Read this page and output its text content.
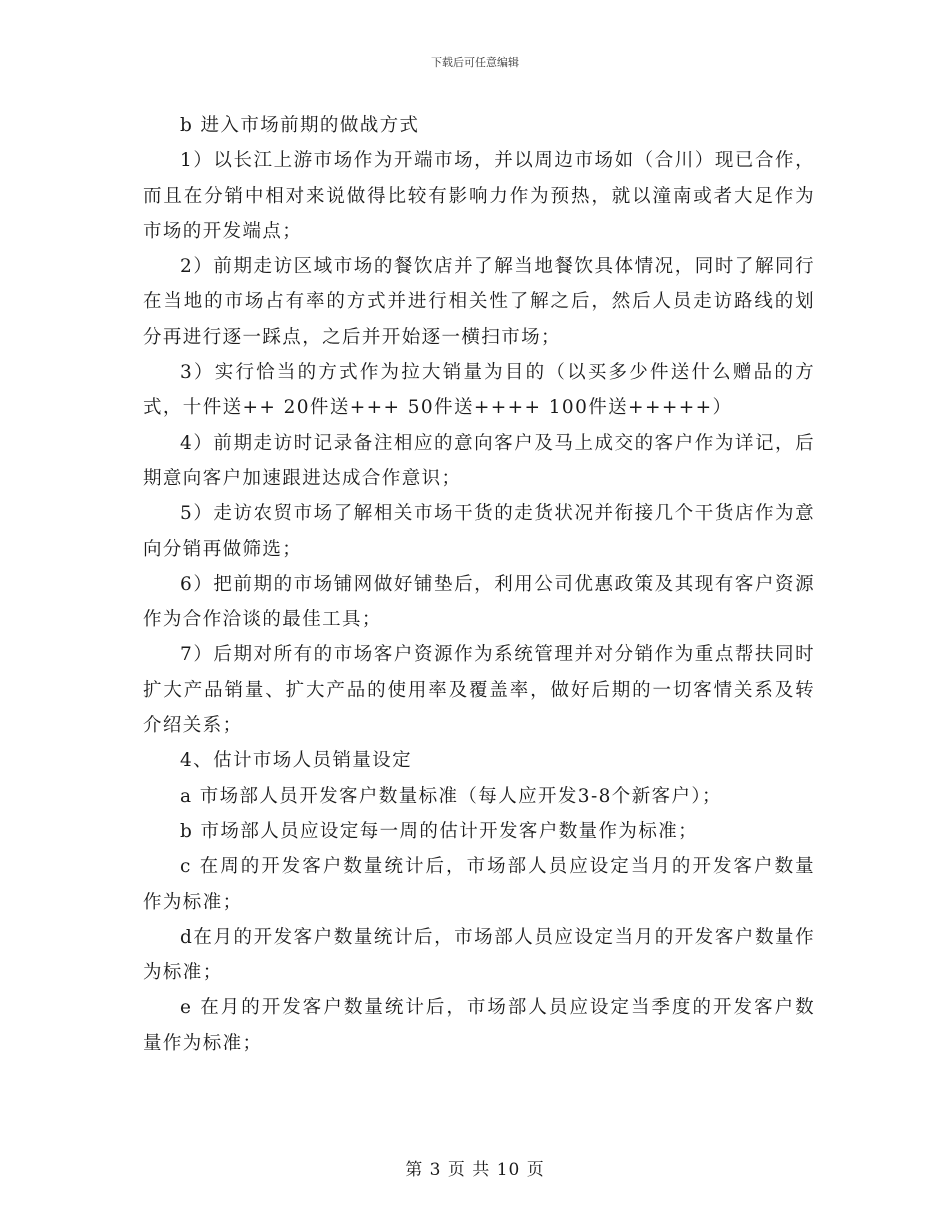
下载后可任意编辑

b 进入市场前期的做战方式

1）以长江上游市场作为开端市场，并以周边市场如（合川）现已合作，而且在分销中相对来说做得比较有影响力作为预热，就以潼南或者大足作为市场的开发端点；

2）前期走访区域市场的餐饮店并了解当地餐饮具体情况，同时了解同行在当地的市场占有率的方式并进行相关性了解之后，然后人员走访路线的划分再进行逐一踩点，之后并开始逐一横扫市场；

3）实行恰当的方式作为拉大销量为目的（以买多少件送什么赠品的方式，十件送++ 20件送+++ 50件送++++ 100件送+++++）

4）前期走访时记录备注相应的意向客户及马上成交的客户作为详记，后期意向客户加速跟进达成合作意识；

5）走访农贸市场了解相关市场干货的走货状况并衔接几个干货店作为意向分销再做筛选；

6）把前期的市场铺网做好铺垫后，利用公司优惠政策及其现有客户资源作为合作洽谈的最佳工具；

7）后期对所有的市场客户资源作为系统管理并对分销作为重点帮扶同时扩大产品销量、扩大产品的使用率及覆盖率，做好后期的一切客情关系及转介绍关系；

4、估计市场人员销量设定

a 市场部人员开发客户数量标准（每人应开发3-8个新客户）；

b 市场部人员应设定每一周的估计开发客户数量作为标准；

c 在周的开发客户数量统计后，市场部人员应设定当月的开发客户数量作为标准；

d在月的开发客户数量统计后，市场部人员应设定当月的开发客户数量作为标准；

e 在月的开发客户数量统计后，市场部人员应设定当季度的开发客户数量作为标准；

第 3 页 共 10 页
